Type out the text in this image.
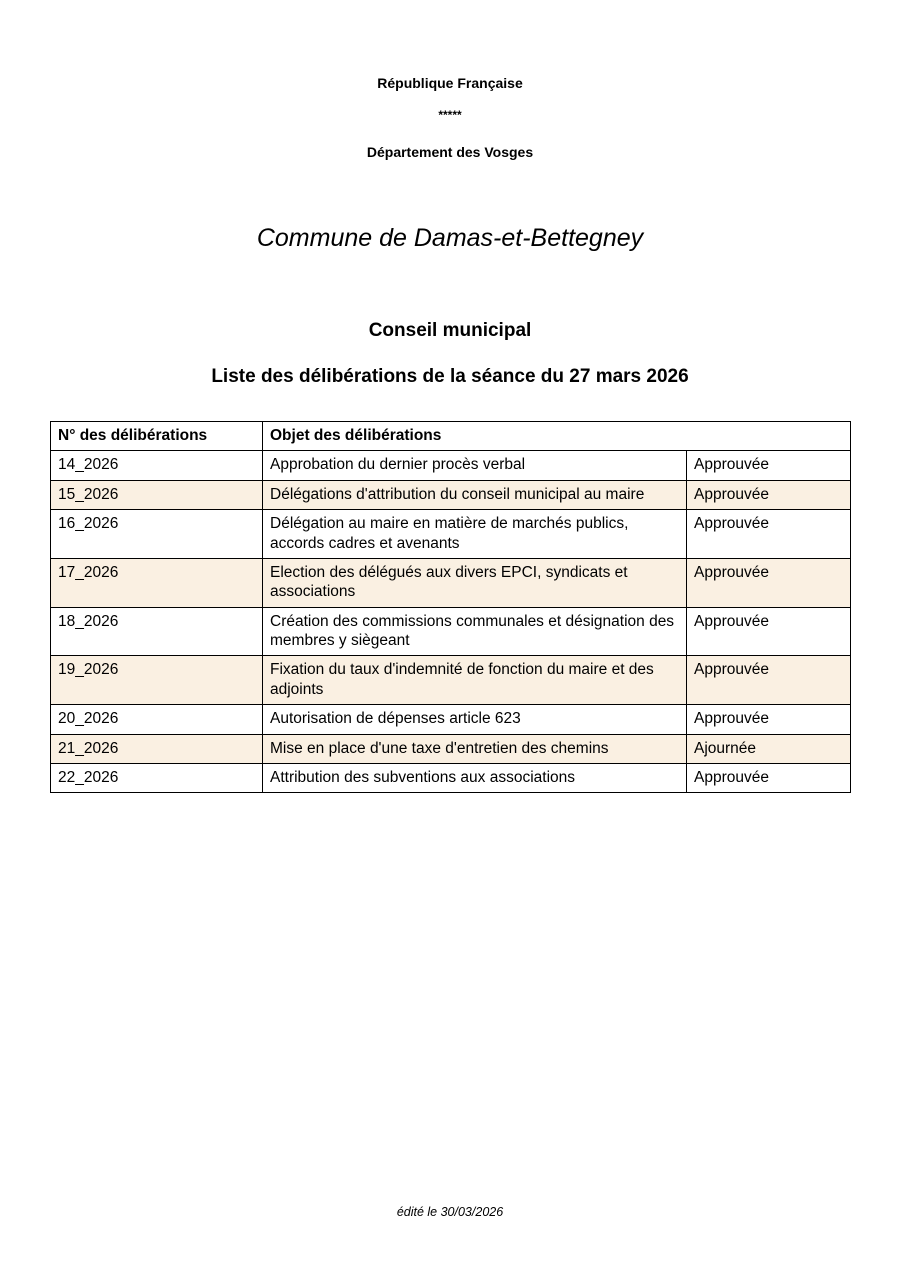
République Française
*****
Département des Vosges
Commune de Damas-et-Bettegney
Conseil municipal
Liste des délibérations de la séance du 27 mars 2026
N° des délibérations	Objet des délibérations	
14_2026	Approbation du dernier procès verbal	Approuvée
15_2026	Délégations d'attribution du conseil municipal au maire	Approuvée
16_2026	Délégation au maire en matière de marchés publics, accords cadres et avenants	Approuvée
17_2026	Election des délégués aux divers EPCI, syndicats et associations	Approuvée
18_2026	Création des commissions communales et désignation des membres y siègeant	Approuvée
19_2026	Fixation du taux d'indemnité de fonction du maire et des adjoints	Approuvée
20_2026	Autorisation de dépenses article 623	Approuvée
21_2026	Mise en place d'une taxe d'entretien des chemins	Ajournée
22_2026	Attribution des subventions aux associations	Approuvée
édité le 30/03/2026
